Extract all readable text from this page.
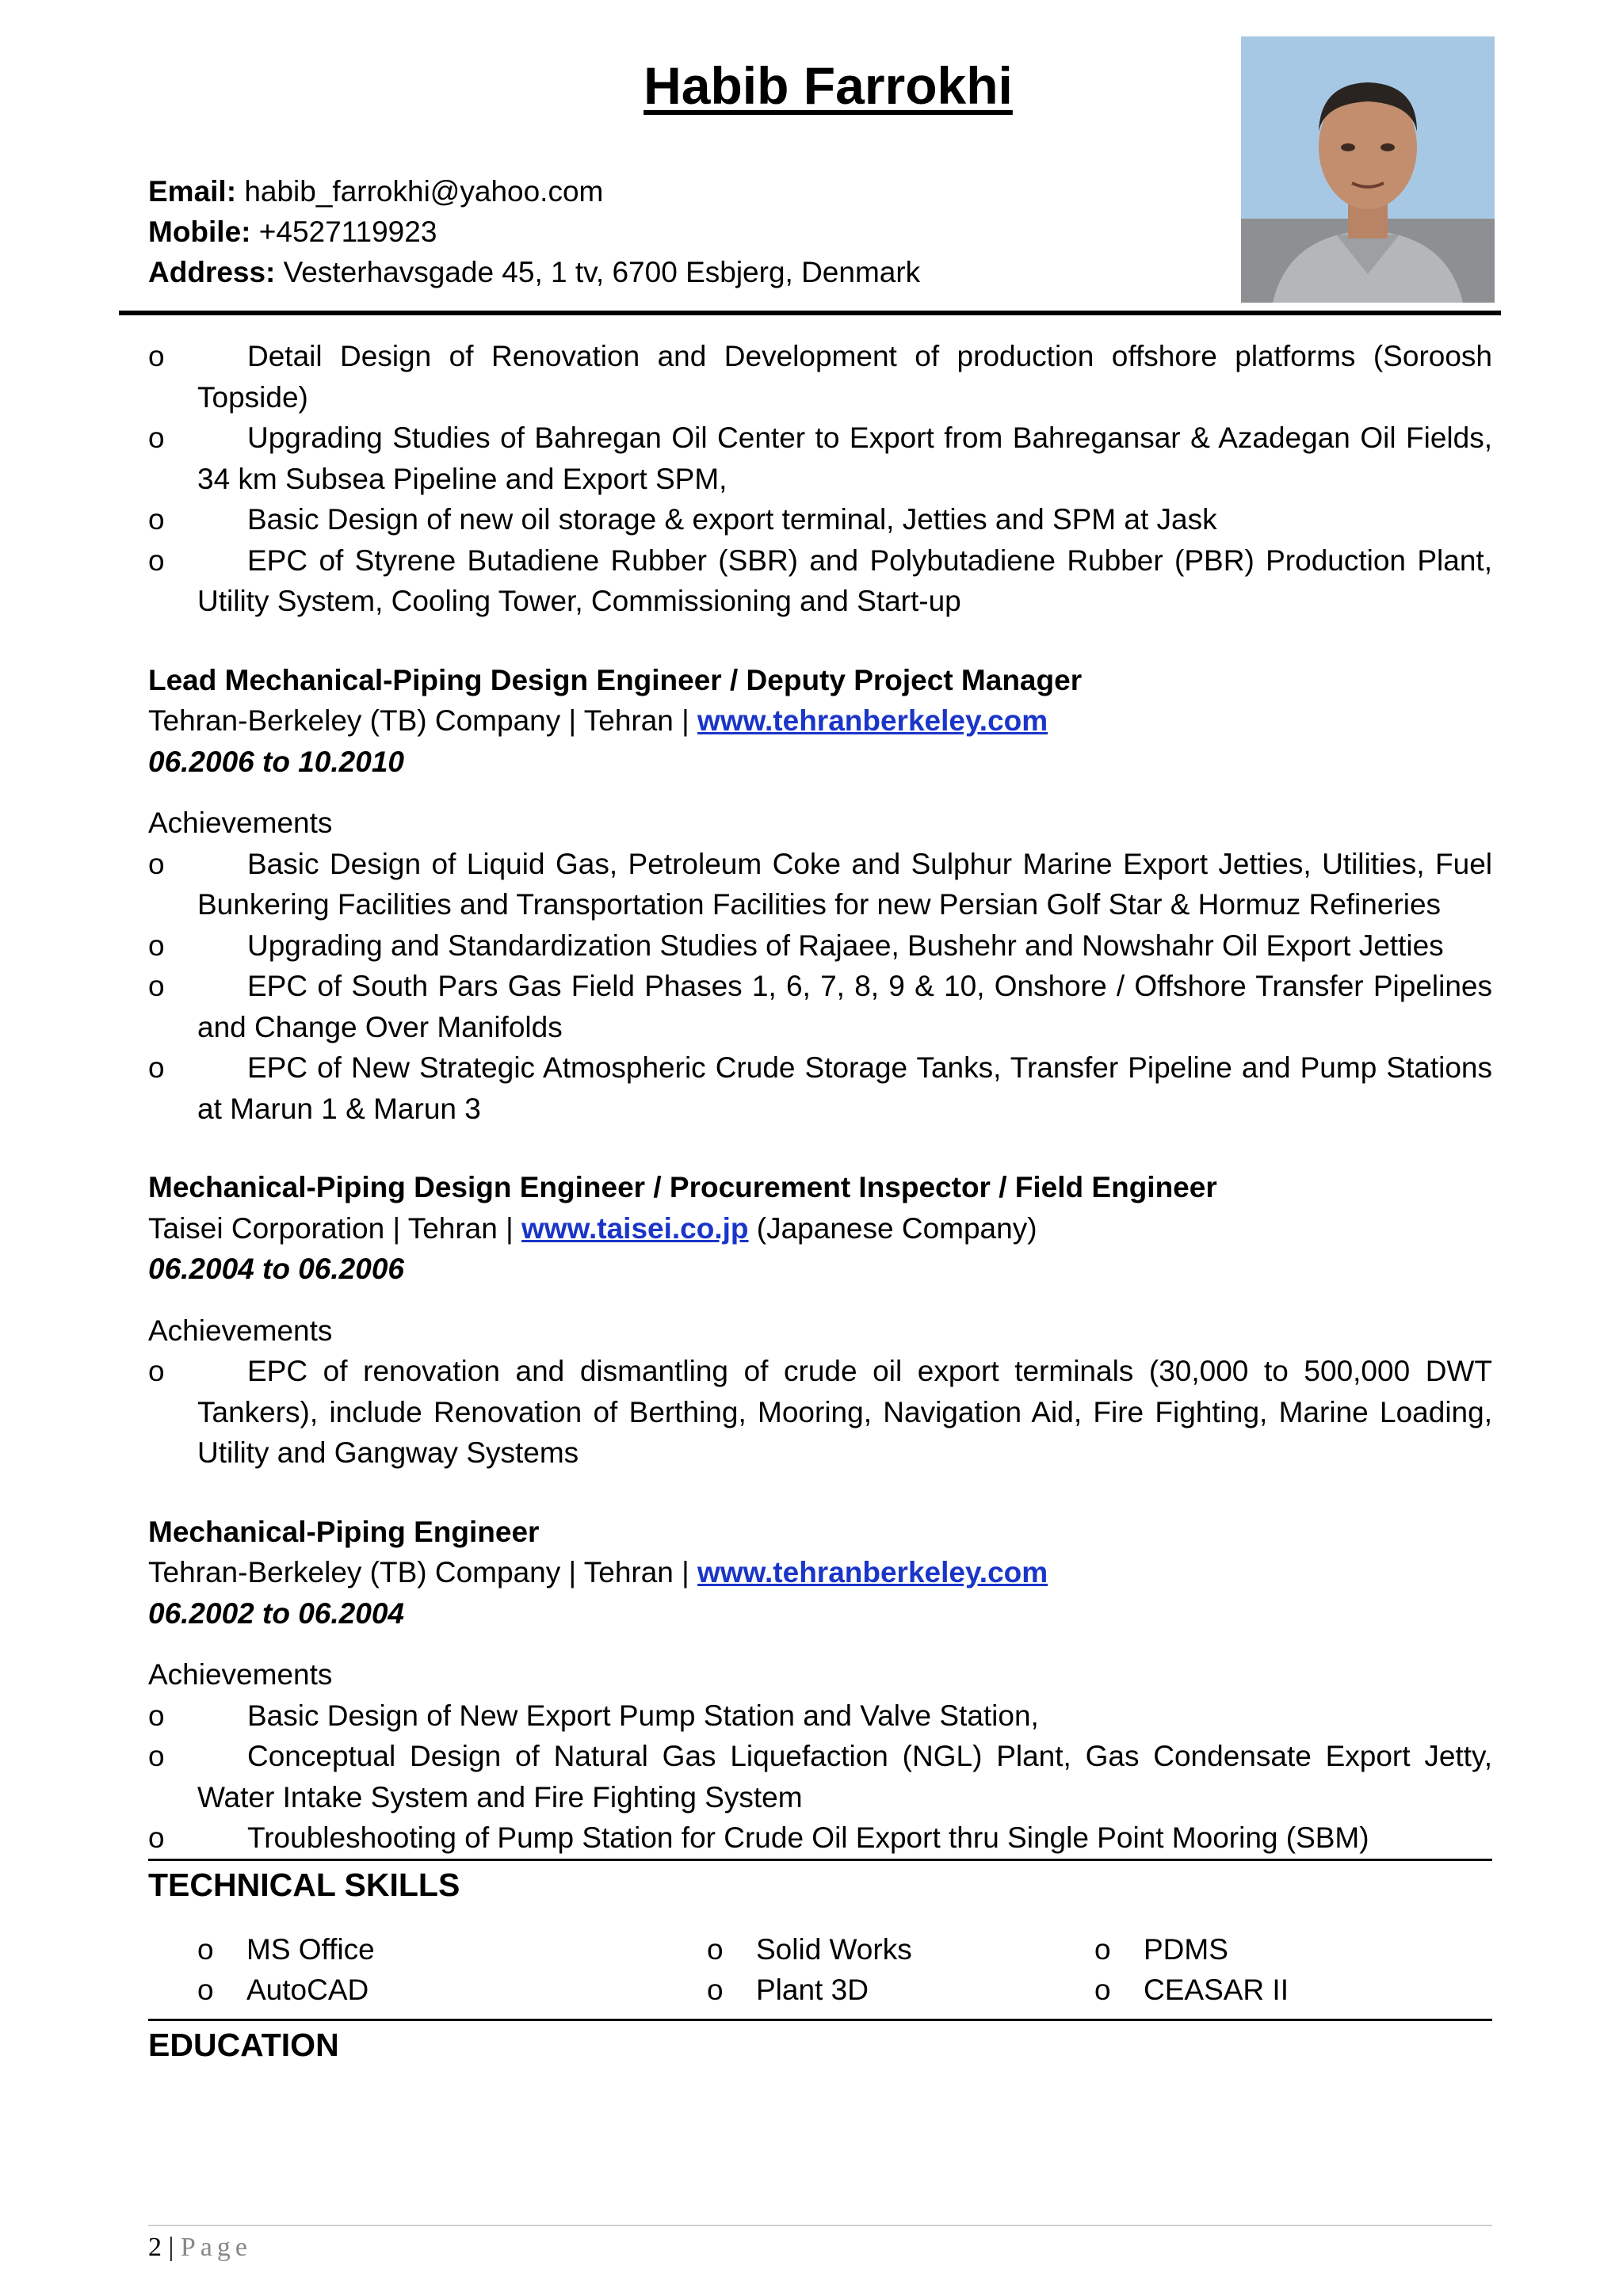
Habib Farrokhi
Email: habib_farrokhi@yahoo.com
Mobile: +4527119923
Address: Vesterhavsgade 45, 1 tv, 6700 Esbjerg, Denmark
o	Detail Design of Renovation and Development of production offshore platforms (Soroosh Topside)
o	Upgrading Studies of Bahregan Oil Center to Export from Bahregansar & Azadegan Oil Fields, 34 km Subsea Pipeline and Export SPM,
o	Basic Design of new oil storage & export terminal, Jetties and SPM at Jask
o	EPC of Styrene Butadiene Rubber (SBR) and Polybutadiene Rubber (PBR) Production Plant, Utility System, Cooling Tower, Commissioning and Start-up
Lead Mechanical-Piping Design Engineer / Deputy Project Manager
Tehran-Berkeley (TB) Company | Tehran | www.tehranberkeley.com
06.2006 to 10.2010
Achievements
o	Basic Design of Liquid Gas, Petroleum Coke and Sulphur Marine Export Jetties, Utilities, Fuel Bunkering Facilities and Transportation Facilities for new Persian Golf Star & Hormuz Refineries
o	Upgrading and Standardization Studies of Rajaee, Bushehr and Nowshahr Oil Export Jetties
o	EPC of South Pars Gas Field Phases 1, 6, 7, 8, 9 & 10, Onshore / Offshore Transfer Pipelines and Change Over Manifolds
o	EPC of New Strategic Atmospheric Crude Storage Tanks, Transfer Pipeline and Pump Stations at Marun 1 & Marun 3
Mechanical-Piping Design Engineer / Procurement Inspector / Field Engineer
Taisei Corporation | Tehran | www.taisei.co.jp (Japanese Company)
06.2004 to 06.2006
Achievements
o	EPC of renovation and dismantling of crude oil export terminals (30,000 to 500,000 DWT Tankers), include Renovation of Berthing, Mooring, Navigation Aid, Fire Fighting, Marine Loading, Utility and Gangway Systems
Mechanical-Piping Engineer
Tehran-Berkeley (TB) Company | Tehran | www.tehranberkeley.com
06.2002 to 06.2004
Achievements
o	Basic Design of New Export Pump Station and Valve Station,
o	Conceptual Design of Natural Gas Liquefaction (NGL) Plant, Gas Condensate Export Jetty, Water Intake System and Fire Fighting System
o	Troubleshooting of Pump Station for Crude Oil Export thru Single Point Mooring (SBM)
TECHNICAL SKILLS
o MS Office
o AutoCAD
o Solid Works
o Plant 3D
o PDMS
o CEASAR II
EDUCATION
2 | Page
